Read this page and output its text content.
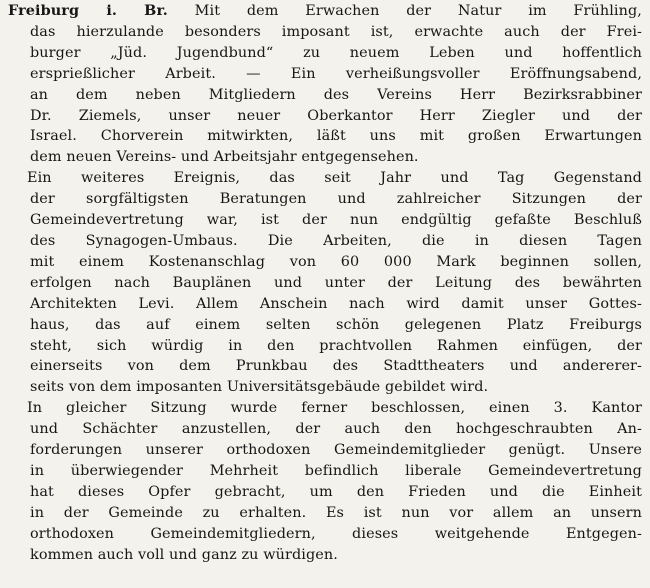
Freiburg i. Br. Mit dem Erwachen der Natur im Frühling,
das hierzulande besonders imposant ist, erwachte auch der Frei-
burger „Jüd. Jugendbund“ zu neuem Leben und hoffentlich
ersprießlicher Arbeit. — Ein verheißungsvoller Eröffnungsabend,
an dem neben Mitgliedern des Vereins Herr Bezirksrabbiner
Dr. Ziemels, unser neuer Oberkantor Herr Ziegler und der
Israel. Chorverein mitwirkten, läßt uns mit großen Erwartungen
dem neuen Vereins- und Arbeitsjahr entgegensehen.
Ein weiteres Ereignis, das seit Jahr und Tag Gegenstand
der sorgfältigsten Beratungen und zahlreicher Sitzungen der
Gemeindevertretung war, ist der nun endgültig gefaßte Beschluß
des Synagogen-Umbaus. Die Arbeiten, die in diesen Tagen
mit einem Kostenanschlag von 60 000 Mark beginnen sollen,
erfolgen nach Bauplänen und unter der Leitung des bewährten
Architekten Levi. Allem Anschein nach wird damit unser Gottes-
haus, das auf einem selten schön gelegenen Platz Freiburgs
steht, sich würdig in den prachtvollen Rahmen einfügen, der
einerseits von dem Prunkbau des Stadttheaters und andererer-
seits von dem imposanten Universitätsgebäude gebildet wird.
In gleicher Sitzung wurde ferner beschlossen, einen 3. Kantor
und Schächter anzustellen, der auch den hochgeschraubten An-
forderungen unserer orthodoxen Gemeindemitglieder genügt. Unsere
in überwiegender Mehrheit befindlich liberale Gemeindevertretung
hat dieses Opfer gebracht, um den Frieden und die Einheit
in der Gemeinde zu erhalten. Es ist nun vor allem an unsern
orthodoxen Gemeindemitgliedern, dieses weitgehende Entgegen-
kommen auch voll und ganz zu würdigen.
